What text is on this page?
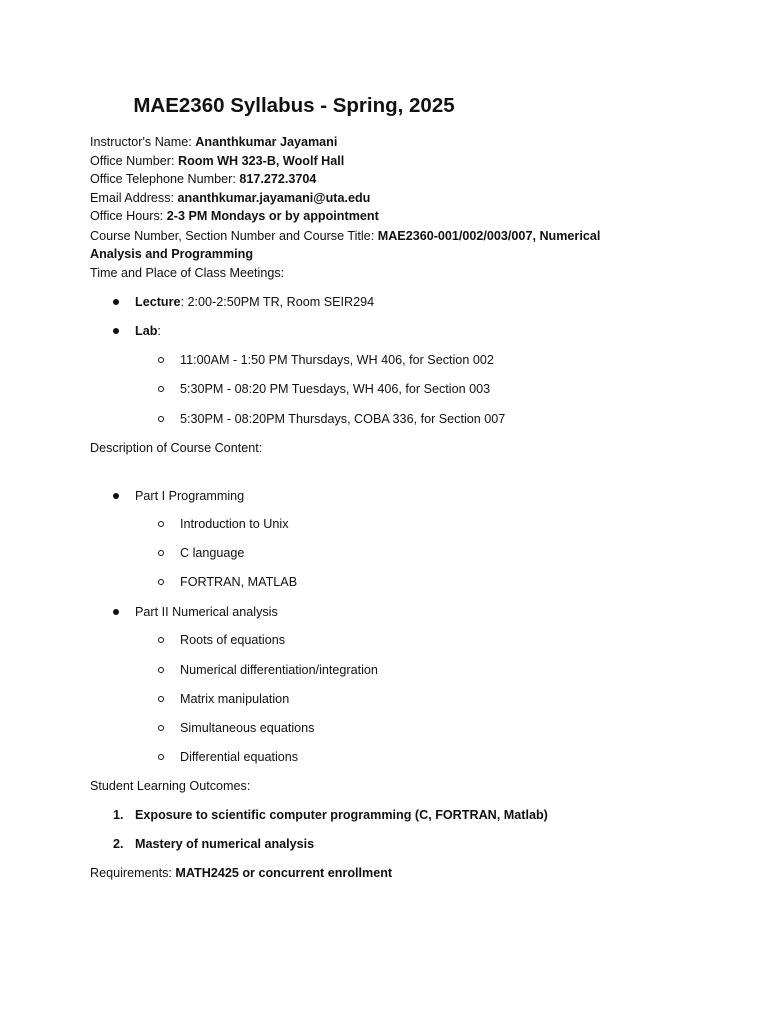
MAE2360 Syllabus - Spring, 2025
Instructor's Name: Ananthkumar Jayamani
Office Number: Room WH 323-B, Woolf Hall
Office Telephone Number: 817.272.3704
Email Address: ananthkumar.jayamani@uta.edu
Office Hours: 2-3 PM Mondays or by appointment
Course Number, Section Number and Course Title: MAE2360-001/002/003/007, Numerical
Analysis and Programming
Time and Place of Class Meetings:
Lecture: 2:00-2:50PM TR, Room SEIR294
Lab:
11:00AM - 1:50 PM Thursdays, WH 406, for Section 002
5:30PM - 08:20 PM Tuesdays, WH 406, for Section 003
5:30PM - 08:20PM Thursdays, COBA 336, for Section 007
Description of Course Content:
Part I Programming
Introduction to Unix
C language
FORTRAN, MATLAB
Part II Numerical analysis
Roots of equations
Numerical differentiation/integration
Matrix manipulation
Simultaneous equations
Differential equations
Student Learning Outcomes:
1. Exposure to scientific computer programming (C, FORTRAN, Matlab)
2. Mastery of numerical analysis
Requirements: MATH2425 or concurrent enrollment
